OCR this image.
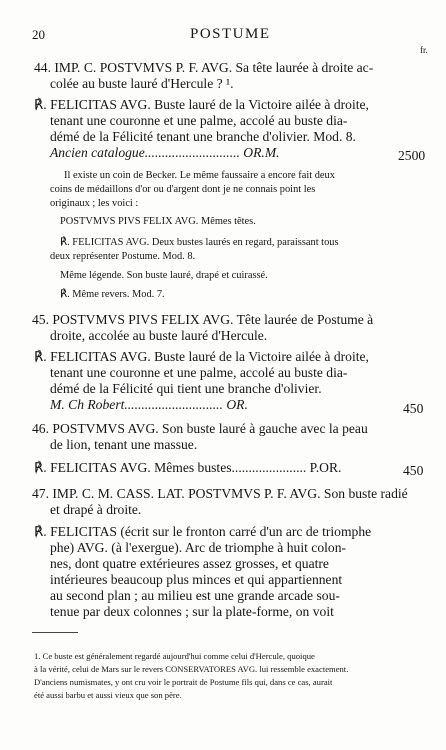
20	POSTUME
fr.
44. IMP. C. POSTVMVS P. F. AVG. Sa tête laurée à droite ac-
colée au buste lauré d'Hercule ? ¹.
℟. FELICITAS AVG. Buste lauré de la Victoire ailée à droite,
tenant une couronne et une palme, accolé au buste dia-
démé de la Félicité tenant une branche d'olivier. Mod. 8.
Ancien catalogue............................ OR.M.	2500
Il existe un coin de Becker. Le même faussaire a encore fait deux
coins de médaillons d'or ou d'argent dont je ne connais point les
originaux ; les voici :
POSTVMVS PIVS FELIX AVG. Mêmes têtes.
℟. FELICITAS AVG. Deux bustes laurés en regard, paraissant tous
deux représenter Postume. Mod. 8.
Même légende. Son buste lauré, drapé et cuirassé.
℟. Même revers. Mod. 7.
45. POSTVMVS PIVS FELIX AVG. Tête laurée de Postume à
droite, accolée au buste lauré d'Hercule.
℟. FELICITAS AVG. Buste lauré de la Victoire ailée à droite,
tenant une couronne et une palme, accolé au buste dia-
démé de la Félicité qui tient une branche d'olivier.
M. Ch Robert............................. OR.	450
46. POSTVMVS AVG. Son buste lauré à gauche avec la peau
de lion, tenant une massue.
℟. FELICITAS AVG. Mêmes bustes...................... P.OR.	450
47. IMP. C. M. CASS. LAT. POSTVMVS P. F. AVG. Son buste radié
et drapé à droite.
℟. FELICITAS (écrit sur le fronton carré d'un arc de triomphe
phe) AVG. (à l'exergue). Arc de triomphe à huit colon-
nes, dont quatre extérieures assez grosses, et quatre
intérieures beaucoup plus minces et qui appartiennent
au second plan ; au milieu est une grande arcade sou-
tenue par deux colonnes ; sur la plate-forme, on voit
1. Ce buste est généralement regardé aujourd'hui comme celui d'Hercule, quoique
à la vérité, celui de Mars sur le revers CONSERVATORES AVG. lui ressemble exactement.
D'anciens numismates, y ont cru voir le portrait de Postume fils qui, dans ce cas, aurait
été aussi barbu et aussi vieux que son père.
